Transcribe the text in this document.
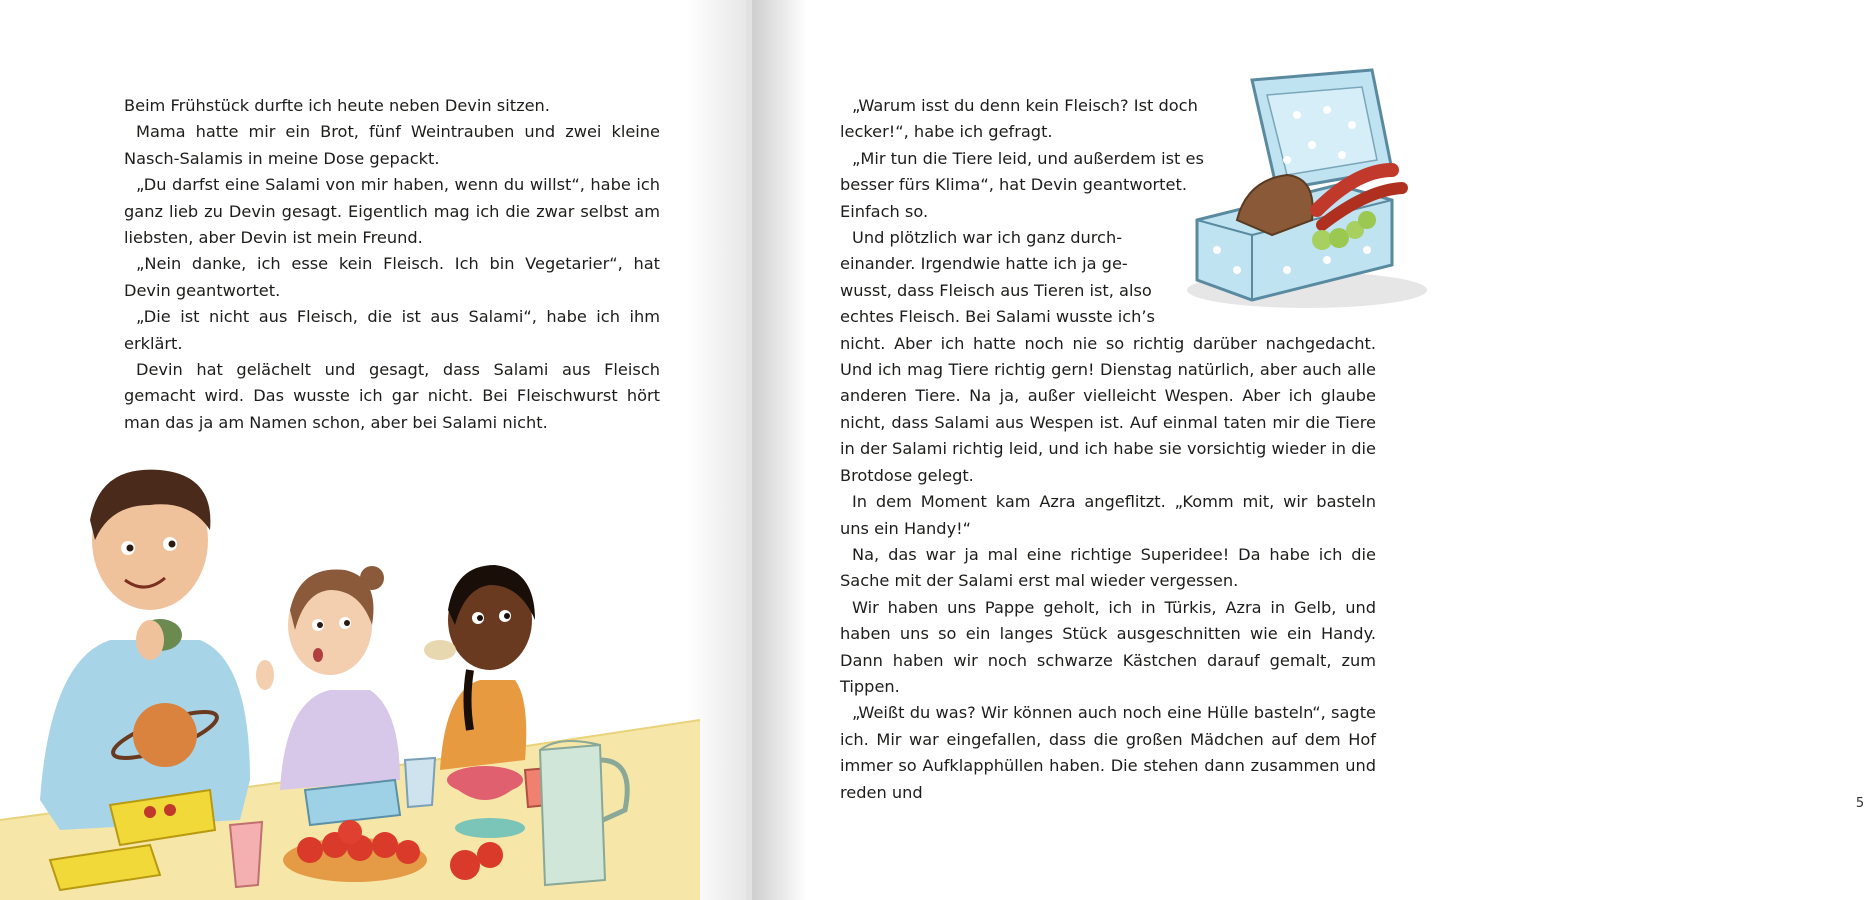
Beim Frühstück durfte ich heute neben Devin sitzen.

Mama hatte mir ein Brot, fünf Weintrauben und zwei kleine Nasch-Salamis in meine Dose gepackt.

„Du darfst eine Salami von mir haben, wenn du willst“, habe ich ganz lieb zu Devin gesagt. Eigentlich mag ich die zwar selbst am liebsten, aber Devin ist mein Freund.

„Nein danke, ich esse kein Fleisch. Ich bin Vegetarier“, hat Devin geantwortet.

„Die ist nicht aus Fleisch, die ist aus Salami“, habe ich ihm erklärt.

Devin hat gelächelt und gesagt, dass Salami aus Fleisch gemacht wird. Das wusste ich gar nicht. Bei Fleischwurst hört man das ja am Namen schon, aber bei Salami nicht.

5
„Warum isst du denn kein Fleisch? Ist doch
lecker!“, habe ich gefragt.
„Mir tun die Tiere leid, und außerdem ist es
besser fürs Klima“, hat Devin geantwortet.
Einfach so.
Und plötzlich war ich ganz durch-
einander. Irgendwie hatte ich ja ge-
wusst, dass Fleisch aus Tieren ist, also
echtes Fleisch. Bei Salami wusste ich’s

nicht. Aber ich hatte noch nie so richtig darüber nachgedacht. Und ich mag Tiere richtig gern! Dienstag natürlich, aber auch alle anderen Tiere. Na ja, außer vielleicht Wespen. Aber ich glaube nicht, dass Salami aus Wespen ist. Auf einmal taten mir die Tiere in der Salami richtig leid, und ich habe sie vorsichtig wieder in die Brotdose gelegt.

In dem Moment kam Azra angeflitzt. „Komm mit, wir basteln uns ein Handy!“

Na, das war ja mal eine richtige Superidee! Da habe ich die Sache mit der Salami erst mal wieder vergessen.

Wir haben uns Pappe geholt, ich in Türkis, Azra in Gelb, und haben uns so ein langes Stück ausgeschnitten wie ein Handy. Dann haben wir noch schwarze Kästchen darauf gemalt, zum Tippen.

„Weißt du was? Wir können auch noch eine Hülle basteln“, sagte ich. Mir war eingefallen, dass die großen Mädchen auf dem Hof immer so Aufklapphüllen haben. Die stehen dann zusammen und reden und
